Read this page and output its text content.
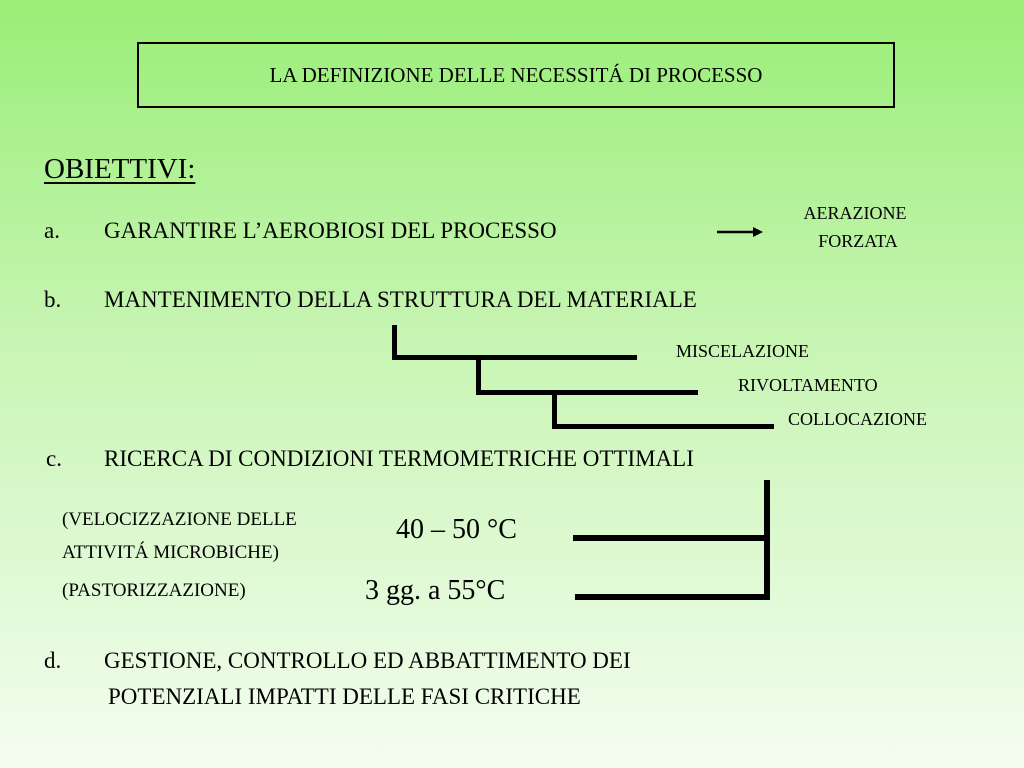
LA DEFINIZIONE DELLE NECESSITÁ DI PROCESSO
OBIETTIVI:
a. GARANTIRE L’AEROBIOSI DEL PROCESSO
AERAZIONE
FORZATA
b. MANTENIMENTO DELLA STRUTTURA DEL MATERIALE
MISCELAZIONE
RIVOLTAMENTO
COLLOCAZIONE
c. RICERCA DI CONDIZIONI TERMOMETRICHE OTTIMALI
(VELOCIZZAZIONE DELLE
ATTIVITÁ MICROBICHE)
(PASTORIZZAZIONE)
40 – 50 °C
3 gg. a 55°C
d. GESTIONE, CONTROLLO ED ABBATTIMENTO DEI
POTENZIALI IMPATTI DELLE FASI CRITICHE
